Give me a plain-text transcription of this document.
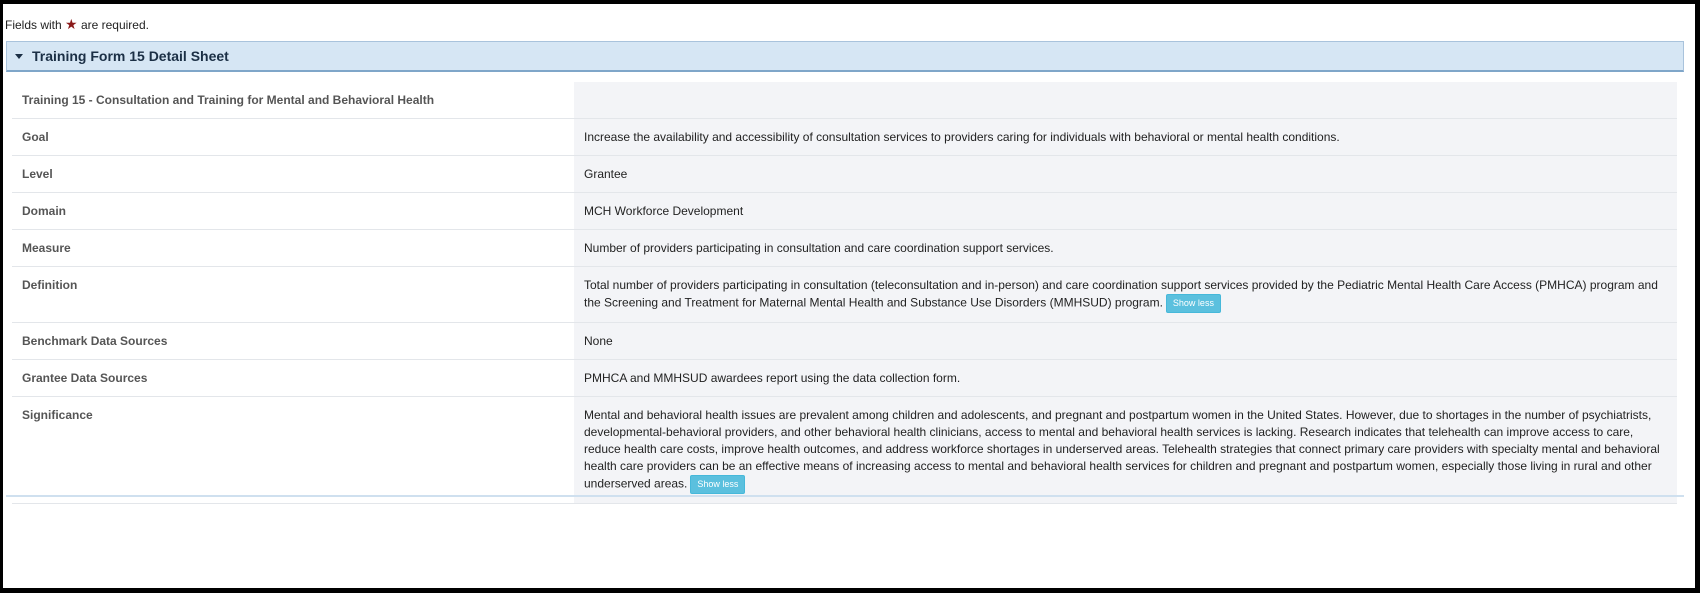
Fields with ★ are required.
Training Form 15 Detail Sheet
Training 15 - Consultation and Training for Mental and Behavioral Health	
Goal	Increase the availability and accessibility of consultation services to providers caring for individuals with behavioral or mental health conditions.
Level	Grantee
Domain	MCH Workforce Development
Measure	Number of providers participating in consultation and care coordination support services.
Definition	Total number of providers participating in consultation (teleconsultation and in-person) and care coordination support services provided by the Pediatric Mental Health Care Access (PMHCA) program and the Screening and Treatment for Maternal Mental Health and Substance Use Disorders (MMHSUD) program. Show less
Benchmark Data Sources	None
Grantee Data Sources	PMHCA and MMHSUD awardees report using the data collection form.
Significance	Mental and behavioral health issues are prevalent among children and adolescents, and pregnant and postpartum women in the United States. However, due to shortages in the number of psychiatrists, developmental-behavioral providers, and other behavioral health clinicians, access to mental and behavioral health services is lacking. Research indicates that telehealth can improve access to care, reduce health care costs, improve health outcomes, and address workforce shortages in underserved areas. Telehealth strategies that connect primary care providers with specialty mental and behavioral health care providers can be an effective means of increasing access to mental and behavioral health services for children and pregnant and postpartum women, especially those living in rural and other underserved areas. Show less
